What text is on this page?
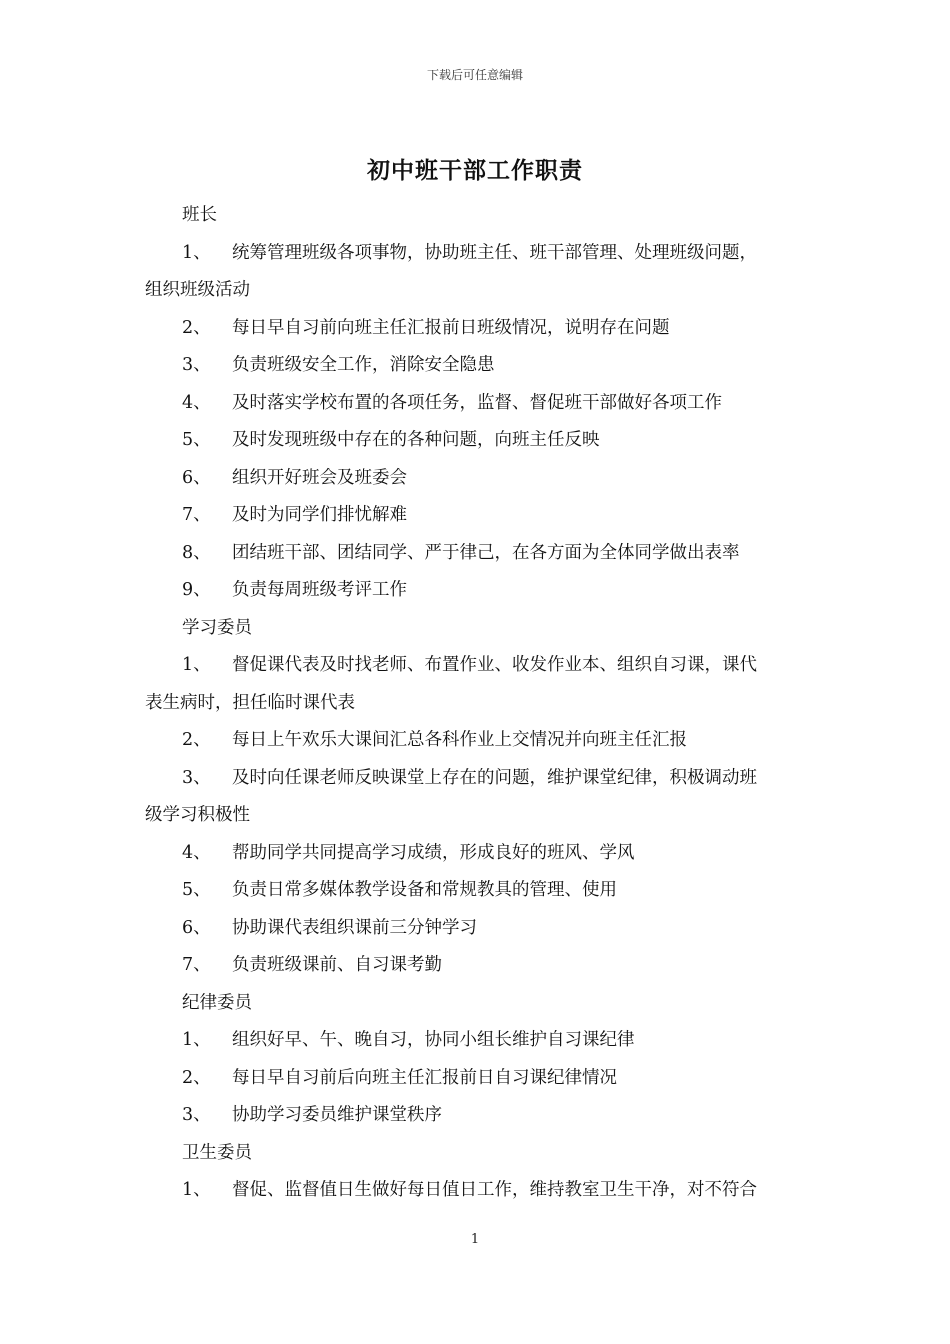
下载后可任意编辑
初中班干部工作职责

班长

1、	统筹管理班级各项事物，协助班主任、班干部管理、处理班级问题，

组织班级活动

2、	每日早自习前向班主任汇报前日班级情况，说明存在问题

3、	负责班级安全工作，消除安全隐患

4、	及时落实学校布置的各项任务，监督、督促班干部做好各项工作

5、	及时发现班级中存在的各种问题，向班主任反映

6、	组织开好班会及班委会

7、	及时为同学们排忧解难

8、	团结班干部、团结同学、严于律己，在各方面为全体同学做出表率

9、	负责每周班级考评工作

学习委员

1、	督促课代表及时找老师、布置作业、收发作业本、组织自习课，课代

表生病时，担任临时课代表

2、	每日上午欢乐大课间汇总各科作业上交情况并向班主任汇报

3、	及时向任课老师反映课堂上存在的问题，维护课堂纪律，积极调动班

级学习积极性

4、	帮助同学共同提高学习成绩，形成良好的班风、学风

5、	负责日常多媒体教学设备和常规教具的管理、使用

6、	协助课代表组织课前三分钟学习

7、	负责班级课前、自习课考勤

纪律委员

1、	组织好早、午、晚自习，协同小组长维护自习课纪律

2、	每日早自习前后向班主任汇报前日自习课纪律情况

3、	协助学习委员维护课堂秩序

卫生委员

1、	督促、监督值日生做好每日值日工作，维持教室卫生干净，对不符合

1
